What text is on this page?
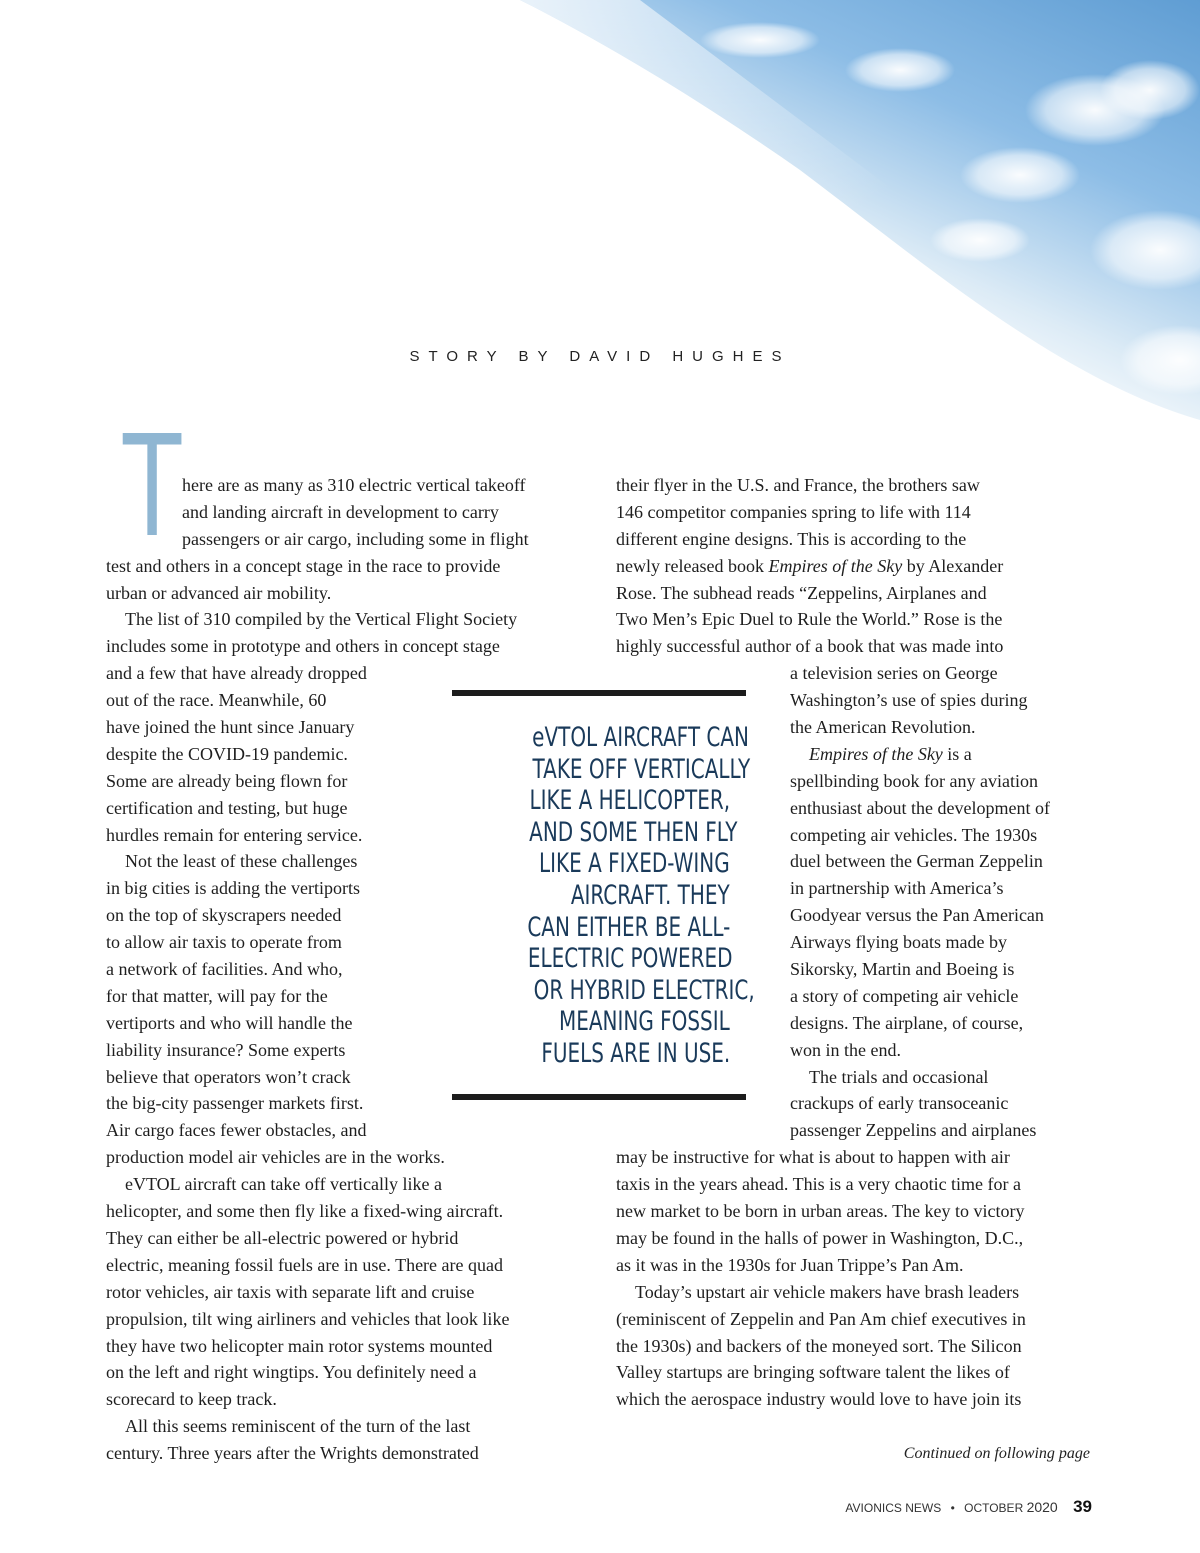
STORY BY DAVID HUGHES
T here are as many as 310 electric vertical takeoff
and landing aircraft in development to carry
passengers or air cargo, including some in flight
test and others in a concept stage in the race to provide
urban or advanced air mobility.
The list of 310 compiled by the Vertical Flight Society
includes some in prototype and others in concept stage
and a few that have already dropped
out of the race. Meanwhile, 60
have joined the hunt since January
despite the COVID-19 pandemic.
Some are already being flown for
certification and testing, but huge
hurdles remain for entering service.
Not the least of these challenges
in big cities is adding the vertiports
on the top of skyscrapers needed
to allow air taxis to operate from
a network of facilities. And who,
for that matter, will pay for the
vertiports and who will handle the
liability insurance? Some experts
believe that operators won’t crack
the big-city passenger markets first.
Air cargo faces fewer obstacles, and
production model air vehicles are in the works.
eVTOL aircraft can take off vertically like a
helicopter, and some then fly like a fixed-wing aircraft.
They can either be all-electric powered or hybrid
electric, meaning fossil fuels are in use. There are quad
rotor vehicles, air taxis with separate lift and cruise
propulsion, tilt wing airliners and vehicles that look like
they have two helicopter main rotor systems mounted
on the left and right wingtips. You definitely need a
scorecard to keep track.
All this seems reminiscent of the turn of the last
century. Three years after the Wrights demonstrated
their flyer in the U.S. and France, the brothers saw
146 competitor companies spring to life with 114
different engine designs. This is according to the
newly released book Empires of the Sky by Alexander
Rose. The subhead reads “Zeppelins, Airplanes and
Two Men’s Epic Duel to Rule the World.” Rose is the
highly successful author of a book that was made into
a television series on George
Washington’s use of spies during
the American Revolution.
Empires of the Sky is a
spellbinding book for any aviation
enthusiast about the development of
competing air vehicles. The 1930s
duel between the German Zeppelin
in partnership with America’s
Goodyear versus the Pan American
Airways flying boats made by
Sikorsky, Martin and Boeing is
a story of competing air vehicle
designs. The airplane, of course,
won in the end.
The trials and occasional
crackups of early transoceanic
passenger Zeppelins and airplanes
may be instructive for what is about to happen with air
taxis in the years ahead. This is a very chaotic time for a
new market to be born in urban areas. The key to victory
may be found in the halls of power in Washington, D.C.,
as it was in the 1930s for Juan Trippe’s Pan Am.
Today’s upstart air vehicle makers have brash leaders
(reminiscent of Zeppelin and Pan Am chief executives in
the 1930s) and backers of the moneyed sort. The Silicon
Valley startups are bringing software talent the likes of
which the aerospace industry would love to have join its
eVTOL AIRCRAFT CAN
TAKE OFF VERTICALLY
LIKE A HELICOPTER,
AND SOME THEN FLY
LIKE A FIXED-WING
AIRCRAFT. THEY
CAN EITHER BE ALL-
ELECTRIC POWERED
OR HYBRID ELECTRIC,
MEANING FOSSIL
FUELS ARE IN USE.
Continued on following page
AVIONICS NEWS • OCTOBER 2020 39
